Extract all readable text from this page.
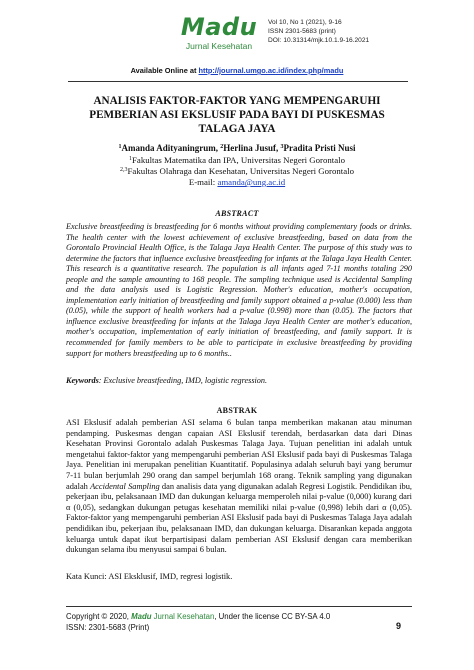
Madu
Jurnal Kesehatan
Vol 10, No 1 (2021), 9-16
ISSN 2301-5683 (print)
DOI: 10.31314/mjk.10.1.9-16.2021
Available Online at http://journal.umgo.ac.id/index.php/madu
ANALISIS FAKTOR-FAKTOR YANG MEMPENGARUHI
PEMBERIAN ASI EKSLUSIF PADA BAYI DI PUSKESMAS
TALAGA JAYA
$^1$Amanda Adityaningrum, $^2$Herlina Jusuf, $^3$Pradita Pristi Nusi
$^1$Fakultas Matematika dan IPA, Universitas Negeri Gorontalo
$^{2,3}$Fakultas Olahraga dan Kesehatan, Universitas Negeri Gorontalo
E-mail: amanda@ung.ac.id
ABSTRACT
Exclusive breastfeeding is breastfeeding for 6 months without providing complementary foods or drinks. The health center with the lowest achievement of exclusive breastfeeding, based on data from the Gorontalo Provincial Health Office, is the Talaga Jaya Health Center. The purpose of this study was to determine the factors that influence exclusive breastfeeding for infants at the Talaga Jaya Health Center. This research is a quantitative research. The population is all infants aged 7-11 months totaling 290 people and the sample amounting to 168 people. The sampling technique used is Accidental Sampling and the data analysis used is Logistic Regression. Mother's education, mother's occupation, implementation early initiation of breastfeeding and family support obtained a p-value (0.000) less than (0.05), while the support of health workers had a p-value (0.998) more than (0.05). The factors that influence exclusive breastfeeding for infants at the Talaga Jaya Health Center are mother's education, mother's occupation, implementation of early initiation of breastfeeding, and family support. It is recommended for family members to be able to participate in exclusive breastfeeding by providing support for mothers breastfeeding up to 6 months..
Keywords: Exclusive breastfeeding, IMD, logistic regression.
ABSTRAK
ASI Ekslusif adalah pemberian ASI selama 6 bulan tanpa memberikan makanan atau minuman pendamping. Puskesmas dengan capaian ASI Ekslusif terendah, berdasarkan data dari Dinas Kesehatan Provinsi Gorontalo adalah Puskesmas Talaga Jaya. Tujuan penelitian ini adalah untuk mengetahui faktor-faktor yang mempengaruhi pemberian ASI Ekslusif pada bayi di Puskesmas Talaga Jaya. Penelitian ini merupakan penelitian Kuantitatif. Populasinya adalah seluruh bayi yang berumur 7-11 bulan berjumlah 290 orang dan sampel berjumlah 168 orang. Teknik sampling yang digunakan adalah Accidental Sampling dan analisis data yang digunakan adalah Regresi Logistik. Pendidikan ibu, pekerjaan ibu, pelaksanaan IMD dan dukungan keluarga memperoleh nilai p-value (0,000) kurang dari α (0,05), sedangkan dukungan petugas kesehatan memiliki nilai p-value (0,998) lebih dari α (0,05). Faktor-faktor yang mempengaruhi pemberian ASI Ekslusif pada bayi di Puskesmas Talaga Jaya adalah pendidikan ibu, pekerjaan ibu, pelaksanaan IMD, dan dukungan keluarga. Disarankan kepada anggota keluarga untuk dapat ikut berpartisipasi dalam pemberian ASI Ekslusif dengan cara memberikan dukungan selama ibu menyusui sampai 6 bulan.
Kata Kunci: ASI Eksklusif, IMD, regresi logistik.
Copyright © 2020, Madu Jurnal Kesehatan, Under the license CC BY-SA 4.0
ISSN: 2301-5683 (Print)	9
